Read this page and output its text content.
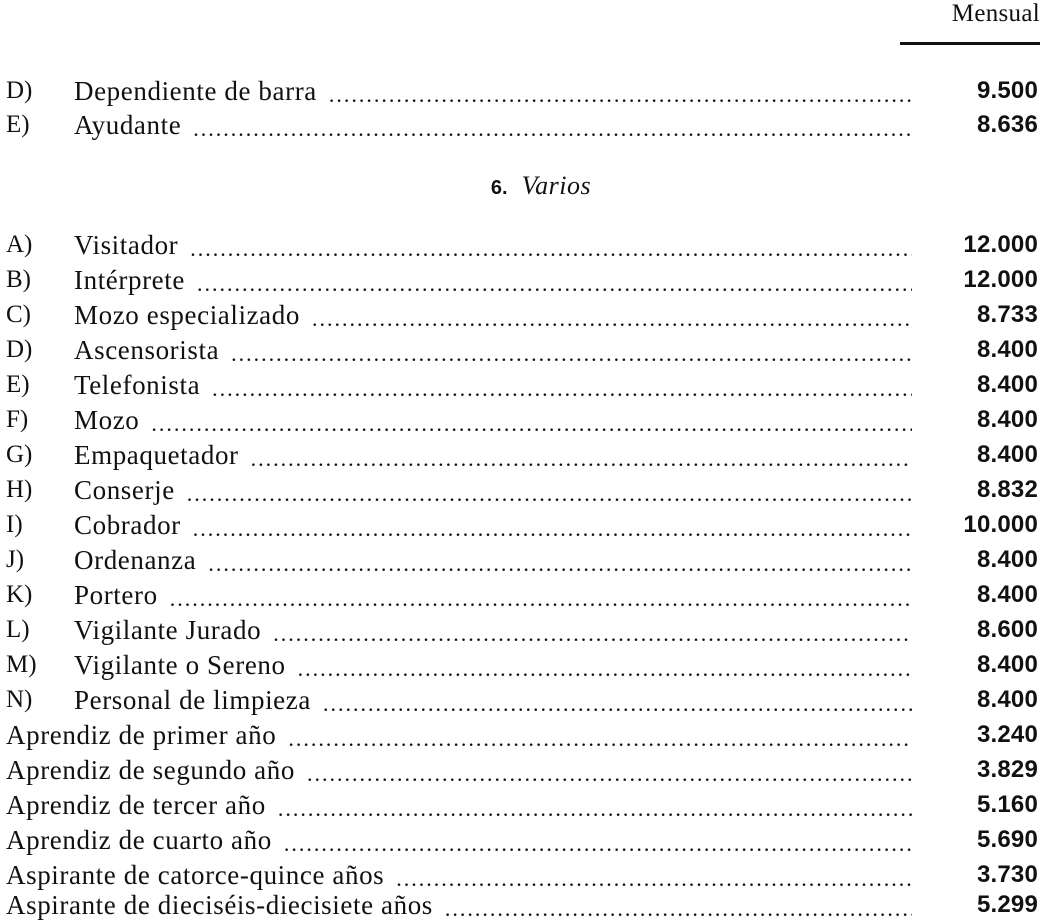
Mensual
D)	Dependiente de barra .....	9.500
E)	Ayudante .....	8.636
6. Varios
A)	Visitador .....	12.000
B)	Intérprete .....	12.000
C)	Mozo especializado .....	8.733
D)	Ascensorista .....	8.400
E)	Telefonista .....	8.400
F)	Mozo .....	8.400
G)	Empaquetador .....	8.400
H)	Conserje .....	8.832
I)	Cobrador .....	10.000
J)	Ordenanza .....	8.400
K)	Portero .....	8.400
L)	Vigilante Jurado .....	8.600
M)	Vigilante o Sereno .....	8.400
N)	Personal de limpieza .....	8.400
Aprendiz de primer año .....	3.240
Aprendiz de segundo año .....	3.829
Aprendiz de tercer año .....	5.160
Aprendiz de cuarto año .....	5.690
Aspirante de catorce-quince años .....	3.730
Aspirante de dieciséis-diecisiete años .....	5.299
